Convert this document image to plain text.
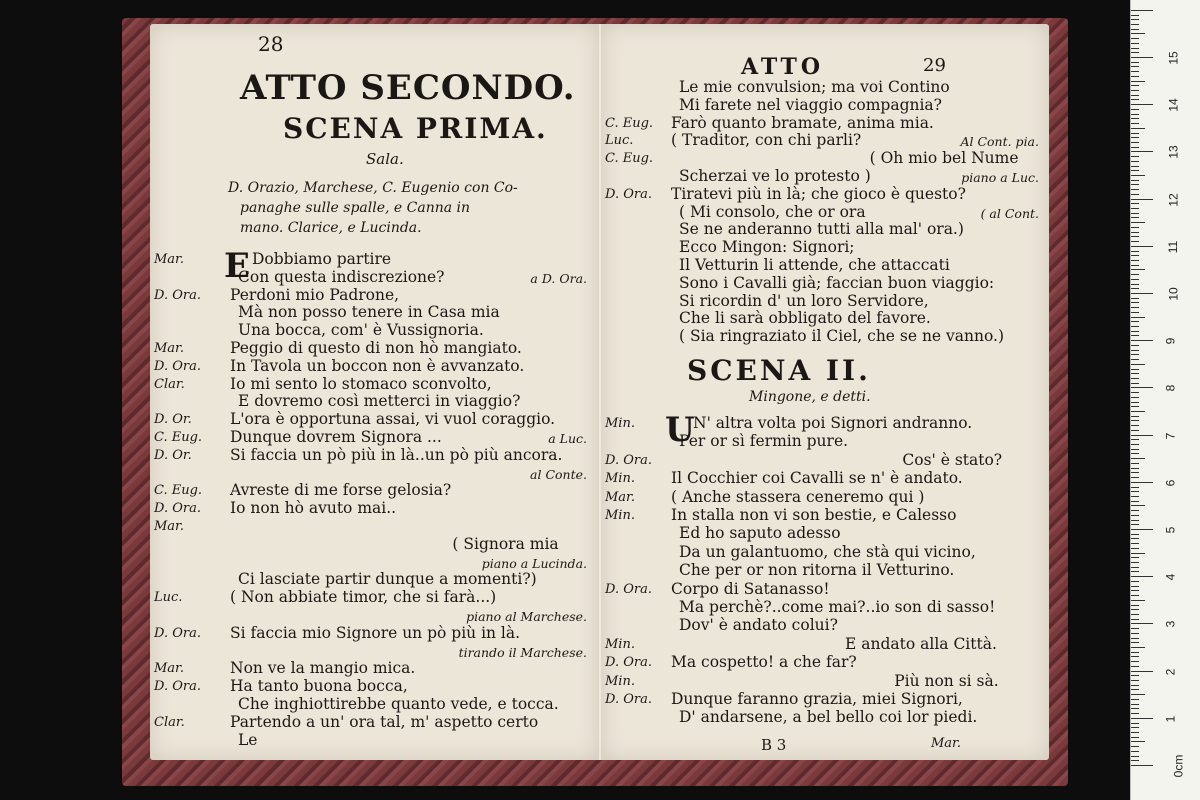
28
ATTO SECONDO.
SCENA PRIMA.
Sala.
D. Orazio, Marchese, C. Eugenio con Co-
panaghe sulle spalle, e Canna in
mano. Clarice, e Lucinda.
Mar. E Dobbiamo partire
Con questa indiscrezione?	a D. Ora.
D. Ora. Perdoni mio Padrone,
Mà non posso tenere in Casa mia
Una bocca, com' è Vussignoria.
Mar.	Peggio di questo di non hò mangiato.
D. Ora. In Tavola un boccon non è avvanzato.
Clar.	Io mi sento lo stomaco sconvolto,
E dovremo così metterci in viaggio?
D. Or. L'ora è opportuna assai, vi vuol coraggio.
C. Eug. Dunque dovrem Signora ...	a Luc.
D. Or. Si faccia un pò più in là..un pò più ancora.
al Conte.
C. Eug. Avreste di me forse gelosia?
D. Ora. Io non hò avuto mai..
Mar.
( Signora mia
piano a Lucinda.
Ci lasciate partir dunque a momenti?)
Luc.	( Non abbiate timor, che si farà...)
piano al Marchese.
D. Ora. Si faccia mio Signore un pò più in là.
tirando il Marchese.
Mar.	Non ve la mangio mica.
D. Ora. Ha tanto buona bocca,
Che inghiottirebbe quanto vede, e tocca.
Clar.	Partendo a un' ora tal, m' aspetto certo
Le
ATTO	29
Le mie convulsion; ma voi Contino
Mi farete nel viaggio compagnia?
C. Eug. Farò quanto bramate, anima mia.
Luc. ( Traditor, con chi parli?	Al Cont. pia.
C. Eug.	( Oh mio bel Nume
Scherzai ve lo protesto )	piano a Luc.
D. Ora. Tiratevi più in là; che gioco è questo?
( Mi consolo, che or ora	( al Cont.
Se ne anderanno tutti alla mal' ora.)
Ecco Mingon: Signori;
Il Vetturin li attende, che attaccati
Sono i Cavalli già; faccian buon viaggio:
Si ricordin d' un loro Servidore,
Che li sarà obbligato del favore.
( Sia ringraziato il Ciel, che se ne vanno.)
SCENA II.
Mingone, e detti.
Min. U
N' altra volta poi Signori andranno.
Per or sì fermin pure.
D. Ora.	Cos' è stato?
Min. Il Cocchier coi Cavalli se n' è andato.
Mar. ( Anche stassera ceneremo qui )
Min. In stalla non vi son bestie, e Calesso
Ed ho saputo adesso
Da un galantuomo, che stà qui vicino,
Che per or non ritorna il Vetturino.
D. Ora. Corpo di Satanasso!
Ma perchè?..come mai?..io son di sasso!
Dov' è andato colui?
Min.	E andato alla Città.
D. Ora. Ma cospetto! a che far?
Min.	Più non si sà.
D. Ora. Dunque faranno grazia, miei Signori,
D' andarsene, a bel bello coi lor piedi.
B 3	Mar.
15
14
13
12
11
10
9
8
7
6
5
4
3
2
1
0cm
